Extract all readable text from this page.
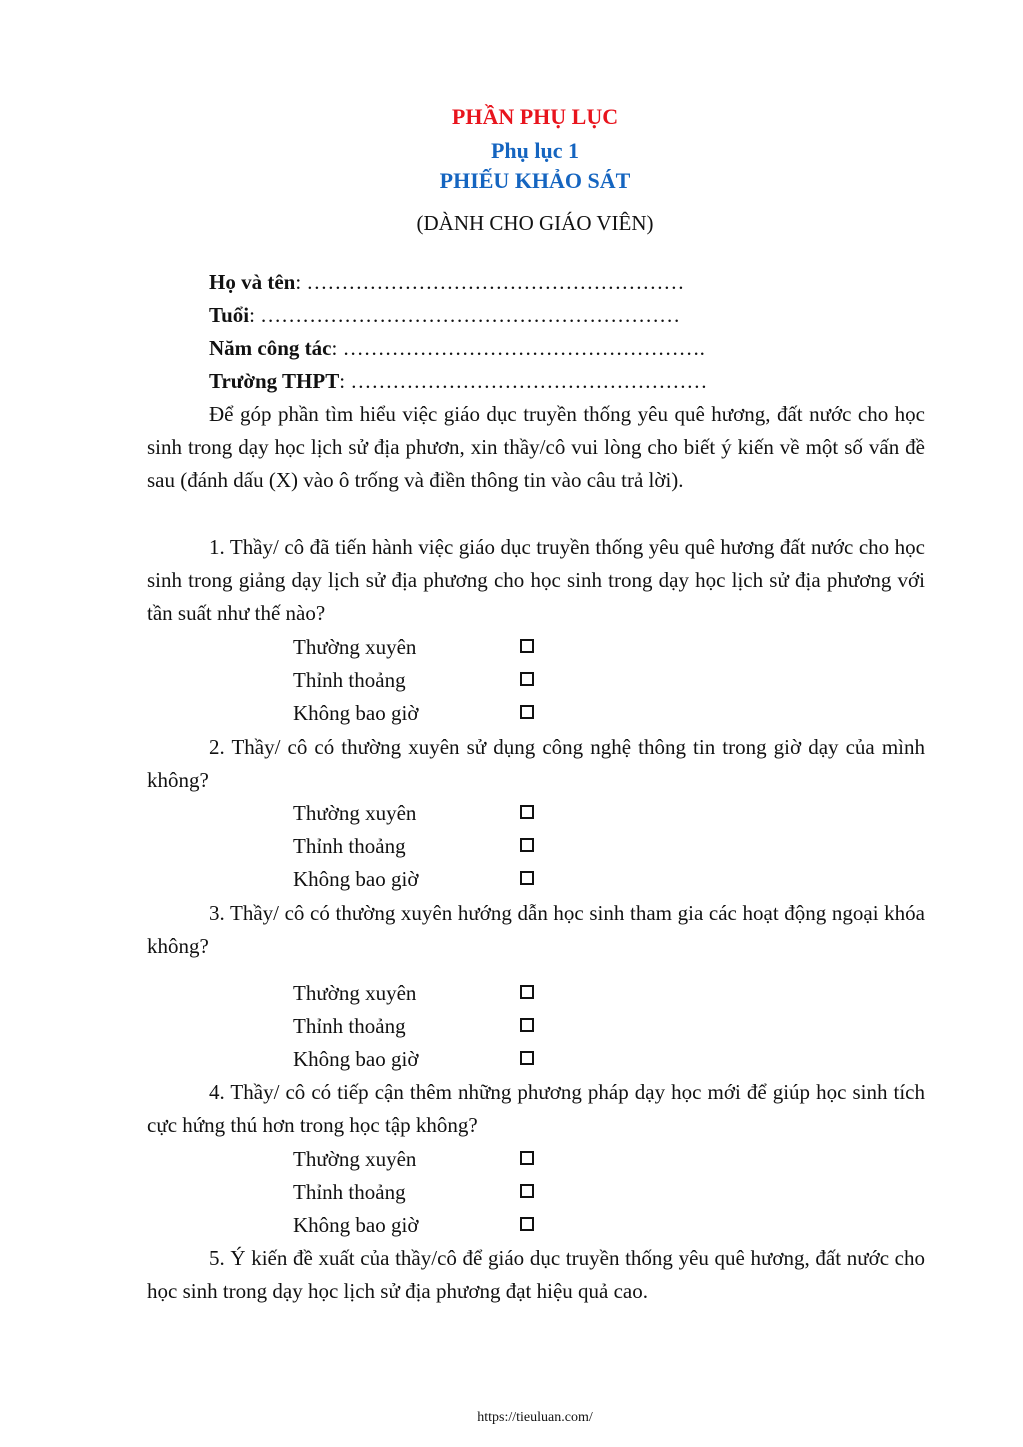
PHẦN PHỤ LỤC
Phụ lục 1
PHIẾU KHẢO SÁT
(DÀNH CHO GIÁO VIÊN)
Họ và tên: ………………………………………………
Tuổi: ……………………………………………………
Năm công tác: …………………………………………….
Trường THPT: ……………………………………………
Để góp phần tìm hiểu việc giáo dục truyền thống yêu quê hương, đất nước cho học sinh trong dạy học lịch sử địa phươn, xin thầy/cô vui lòng cho biết ý kiến về một số vấn đề sau (đánh dấu (X) vào ô trống và điền thông tin vào câu trả lời).
1. Thầy/ cô đã tiến hành việc giáo dục truyền thống yêu quê hương đất nước cho học sinh trong giảng dạy lịch sử địa phương cho học sinh trong dạy học lịch sử địa phương với tần suất như thế nào?
Thường xuyên
Thỉnh thoảng
Không bao giờ
2. Thầy/ cô có thường xuyên sử dụng công nghệ thông tin trong giờ dạy của mình không?
Thường xuyên
Thỉnh thoảng
Không bao giờ
3. Thầy/ cô có thường xuyên hướng dẫn học sinh tham gia các hoạt động ngoại khóa không?
Thường xuyên
Thỉnh thoảng
Không bao giờ
4. Thầy/ cô có tiếp cận thêm những phương pháp dạy học mới để giúp học sinh tích cực hứng thú hơn trong học tập không?
Thường xuyên
Thỉnh thoảng
Không bao giờ
5. Ý kiến đề xuất của thầy/cô để giáo dục truyền thống yêu quê hương, đất nước cho học sinh trong dạy học lịch sử địa phương đạt hiệu quả cao.
https://tieuluan.com/
